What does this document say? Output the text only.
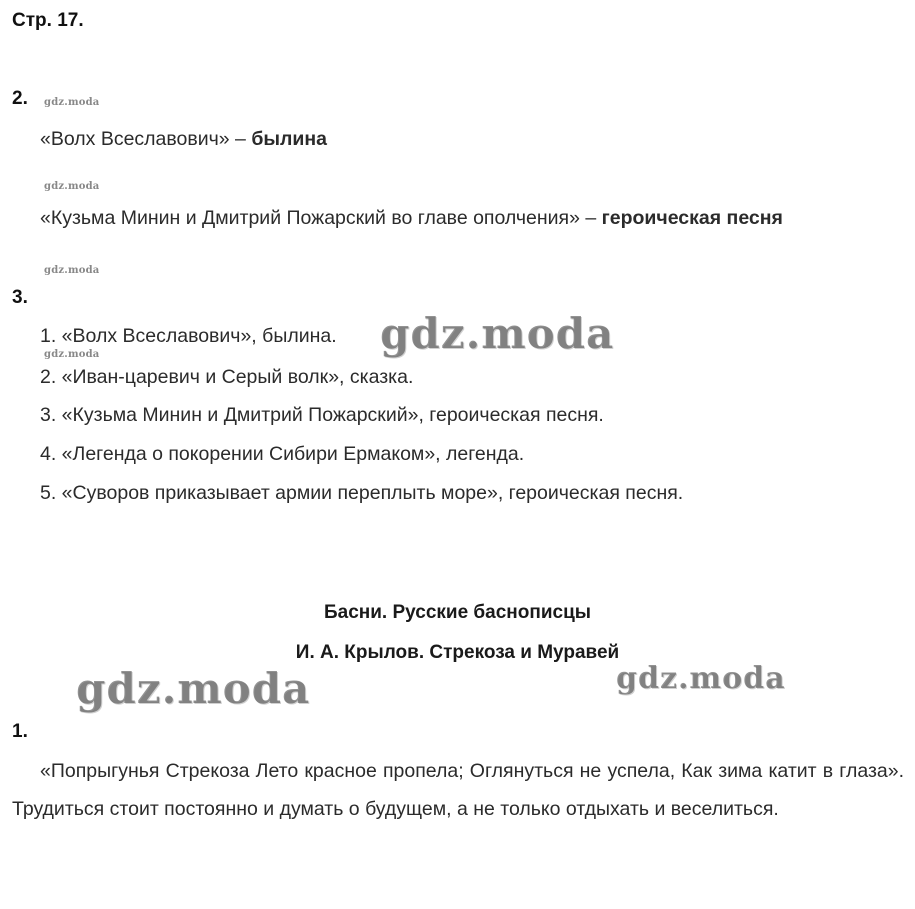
Стр. 17.
2. gdz.moda
«Волх Всеславович» – былина
gdz.moda
«Кузьма Минин и Дмитрий Пожарский во главе ополчения» – героическая песня
gdz.moda
3.
1. «Волх Всеславович», былина.
gdz.moda	gdz.moda
2. «Иван-царевич и Серый волк», сказка.
3. «Кузьма Минин и Дмитрий Пожарский», героическая песня.
4. «Легенда о покорении Сибири Ермаком», легенда.
5. «Суворов приказывает армии переплыть море», героическая песня.
Басни. Русские баснописцы
И. А. Крылов. Стрекоза и Муравей
gdz.moda	gdz.moda
1.
«Попрыгунья Стрекоза Лето красное пропела; Оглянуться не успела, Как зима катит в глаза». Трудиться стоит постоянно и думать о будущем, а не только отдыхать и веселиться.
